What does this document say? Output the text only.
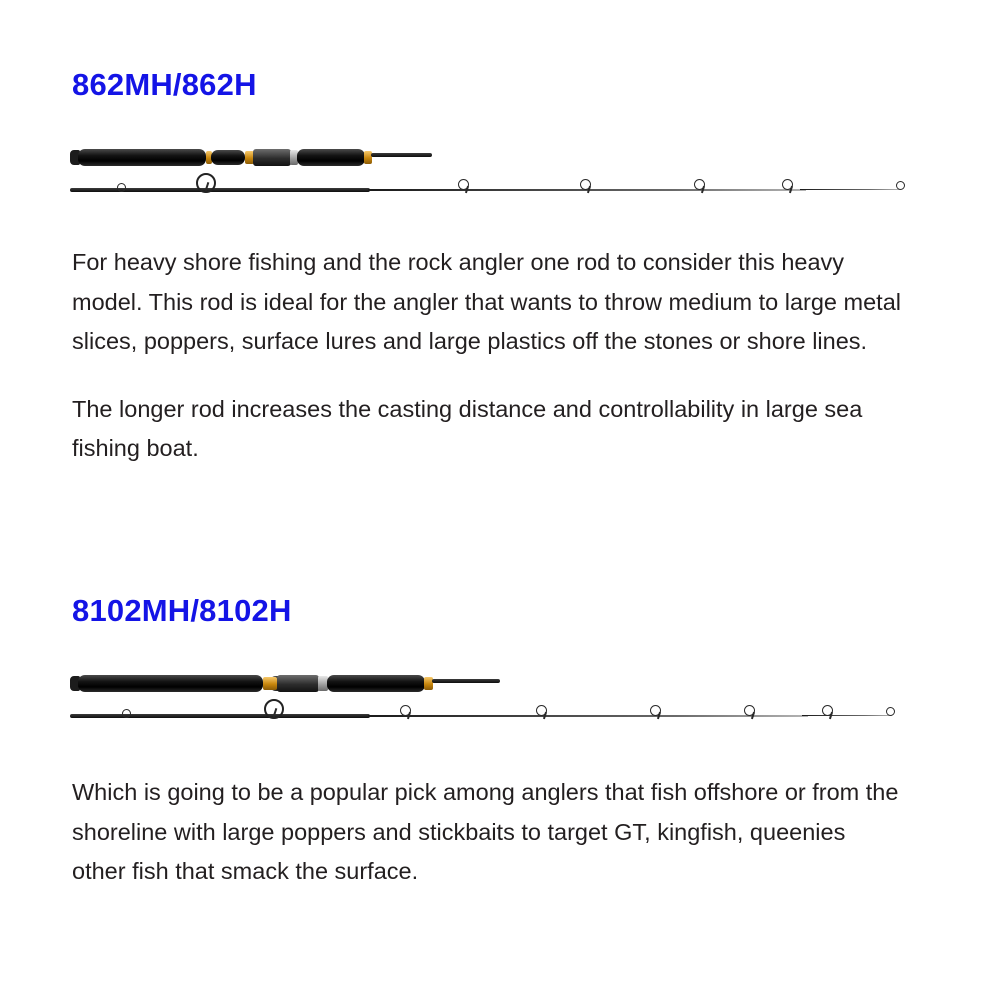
862MH/862H

For heavy shore fishing and the rock angler one rod to consider this heavy model. This rod is ideal for the angler that wants to throw medium to large metal slices, poppers, surface lures and large plastics off the stones or shore lines.

The longer rod increases the casting distance and controllability in large sea fishing boat.

8102MH/8102H

Which is going to be a popular pick among anglers that fish offshore or from the shoreline with large poppers and stickbaits to target GT, kingfish, queenies other fish that smack the surface.
